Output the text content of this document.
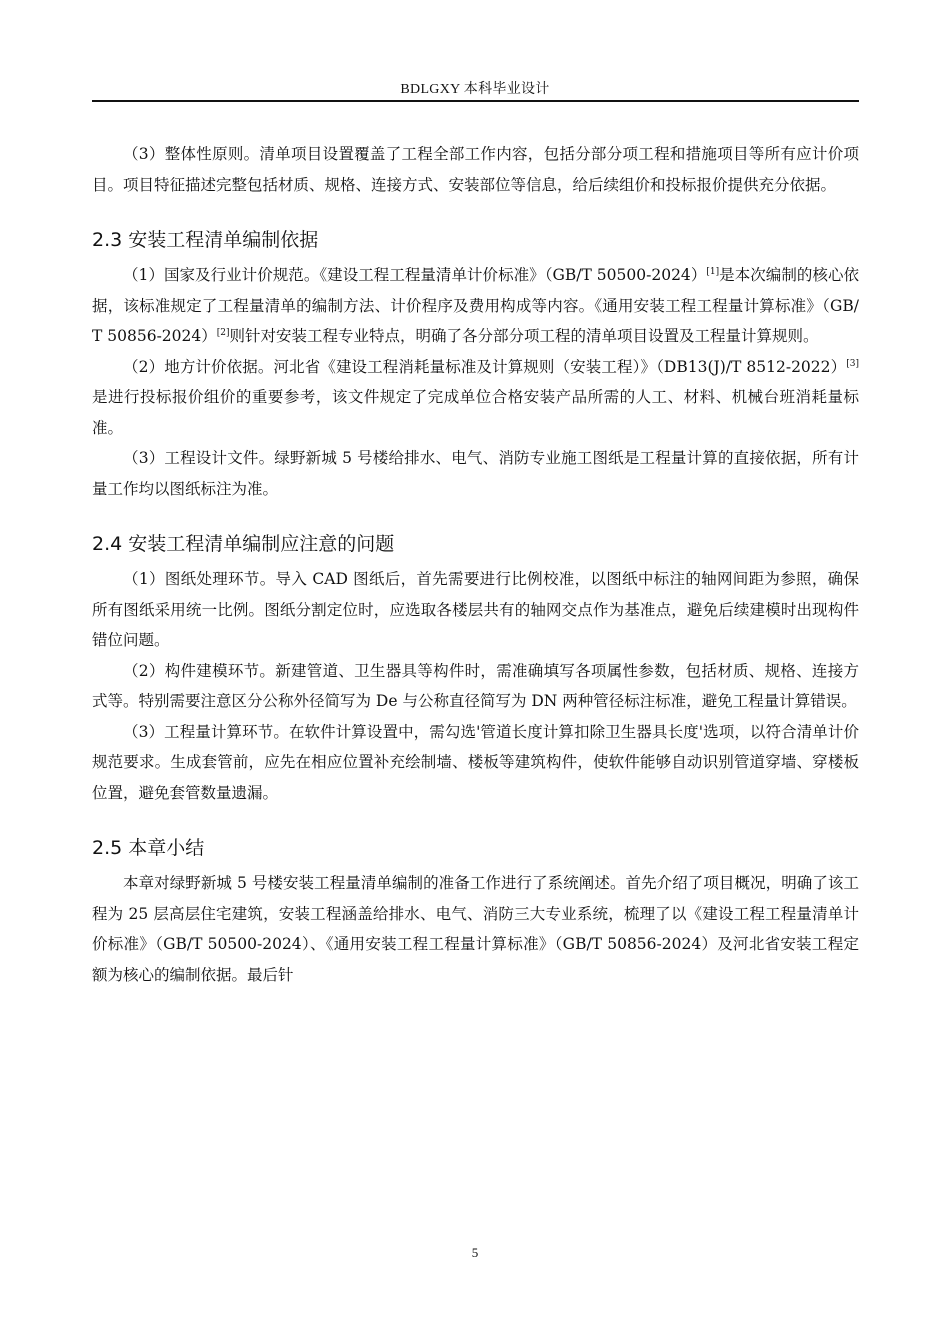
BDLGXY 本科毕业设计

（3）整体性原则。清单项目设置覆盖了工程全部工作内容，包括分部分项工程和措施项目等所有应计价项目。项目特征描述完整包括材质、规格、连接方式、安装部位等信息，给后续组价和投标报价提供充分依据。

2.3 安装工程清单编制依据

（1）国家及行业计价规范。《建设工程工程量清单计价标准》（GB/T 50500-2024）[1]是本次编制的核心依据，该标准规定了工程量清单的编制方法、计价程序及费用构成等内容。《通用安装工程工程量计算标准》（GB/T 50856-2024）[2]则针对安装工程专业特点，明确了各分部分项工程的清单项目设置及工程量计算规则。

（2）地方计价依据。河北省《建设工程消耗量标准及计算规则（安装工程）》（DB13(J)/T 8512-2022）[3]是进行投标报价组价的重要参考，该文件规定了完成单位合格安装产品所需的人工、材料、机械台班消耗量标准。

（3）工程设计文件。绿野新城 5 号楼给排水、电气、消防专业施工图纸是工程量计算的直接依据，所有计量工作均以图纸标注为准。

2.4 安装工程清单编制应注意的问题

（1）图纸处理环节。导入 CAD 图纸后，首先需要进行比例校准，以图纸中标注的轴网间距为参照，确保所有图纸采用统一比例。图纸分割定位时，应选取各楼层共有的轴网交点作为基准点，避免后续建模时出现构件错位问题。

（2）构件建模环节。新建管道、卫生器具等构件时，需准确填写各项属性参数，包括材质、规格、连接方式等。特别需要注意区分公称外径简写为 De 与公称直径简写为 DN 两种管径标注标准，避免工程量计算错误。

（3）工程量计算环节。在软件计算设置中，需勾选'管道长度计算扣除卫生器具长度'选项，以符合清单计价规范要求。生成套管前，应先在相应位置补充绘制墙、楼板等建筑构件，使软件能够自动识别管道穿墙、穿楼板位置，避免套管数量遗漏。

2.5 本章小结

本章对绿野新城 5 号楼安装工程量清单编制的准备工作进行了系统阐述。首先介绍了项目概况，明确了该工程为 25 层高层住宅建筑，安装工程涵盖给排水、电气、消防三大专业系统，梳理了以《建设工程工程量清单计价标准》（GB/T 50500-2024）、《通用安装工程工程量计算标准》（GB/T 50856-2024）及河北省安装工程定额为核心的编制依据。最后针

5
